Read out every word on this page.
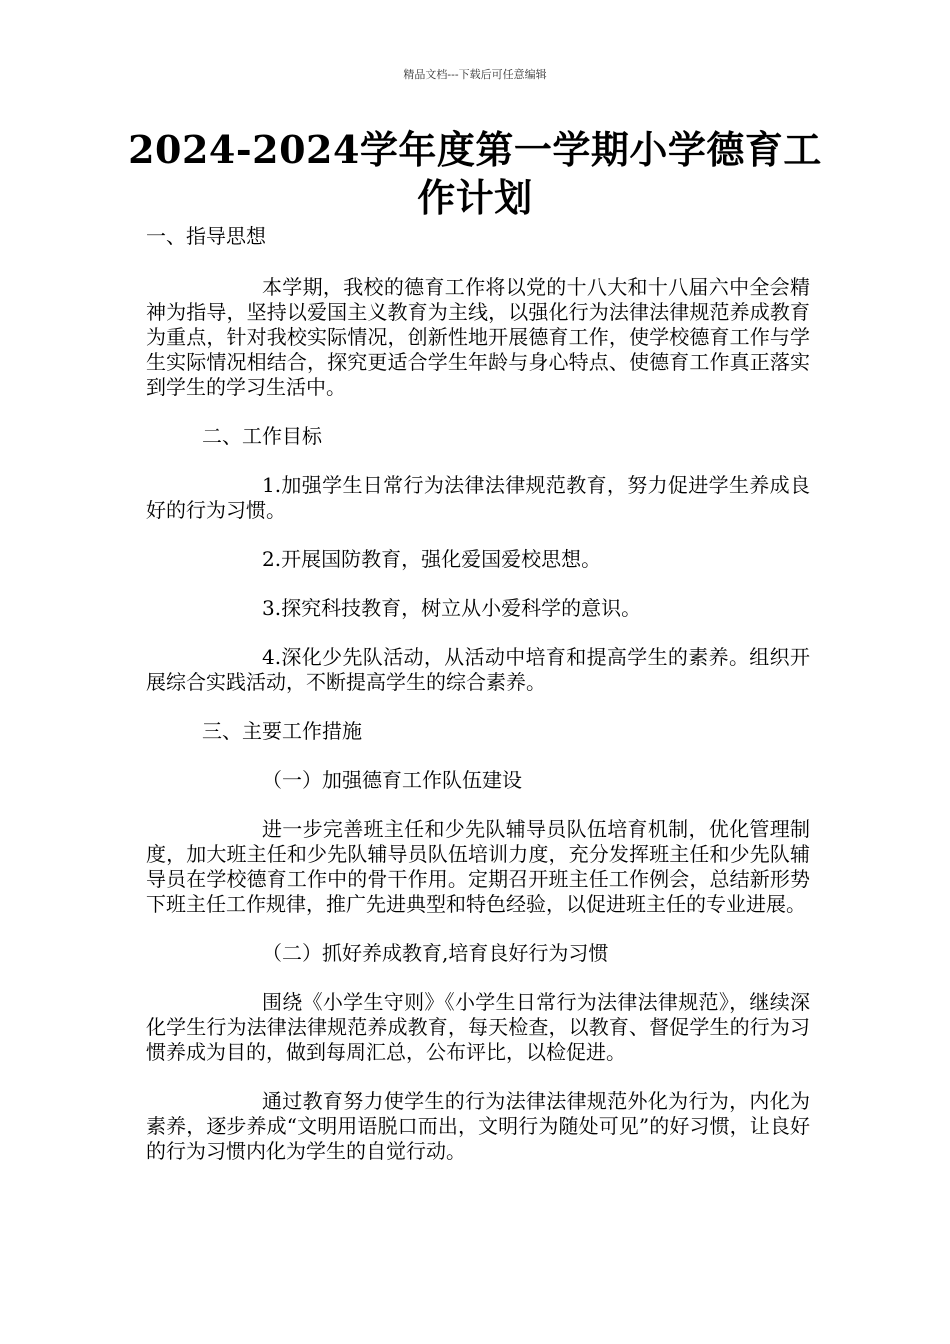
精品文档---下载后可任意编辑
2024-2024学年度第一学期小学德育工作计划
一、指导思想
本学期，我校的德育工作将以党的十八大和十八届六中全会精神为指导，坚持以爱国主义教育为主线，以强化行为法律法律规范养成教育为重点，针对我校实际情况，创新性地开展德育工作，使学校德育工作与学生实际情况相结合，探究更适合学生年龄与身心特点、使德育工作真正落实到学生的学习生活中。
二、工作目标
1.加强学生日常行为法律法律规范教育，努力促进学生养成良好的行为习惯。
2.开展国防教育，强化爱国爱校思想。
3.探究科技教育，树立从小爱科学的意识。
4.深化少先队活动，从活动中培育和提高学生的素养。组织开展综合实践活动，不断提高学生的综合素养。
三、主要工作措施
（一）加强德育工作队伍建设
进一步完善班主任和少先队辅导员队伍培育机制，优化管理制度，加大班主任和少先队辅导员队伍培训力度，充分发挥班主任和少先队辅导员在学校德育工作中的骨干作用。定期召开班主任工作例会，总结新形势下班主任工作规律，推广先进典型和特色经验，以促进班主任的专业进展。
（二）抓好养成教育,培育良好行为习惯
围绕《小学生守则》《小学生日常行为法律法律规范》，继续深化学生行为法律法律规范养成教育，每天检查，以教育、督促学生的行为习惯养成为目的，做到每周汇总，公布评比，以检促进。
通过教育努力使学生的行为法律法律规范外化为行为，内化为素养，逐步养成“文明用语脱口而出，文明行为随处可见”的好习惯，让良好的行为习惯内化为学生的自觉行动。
